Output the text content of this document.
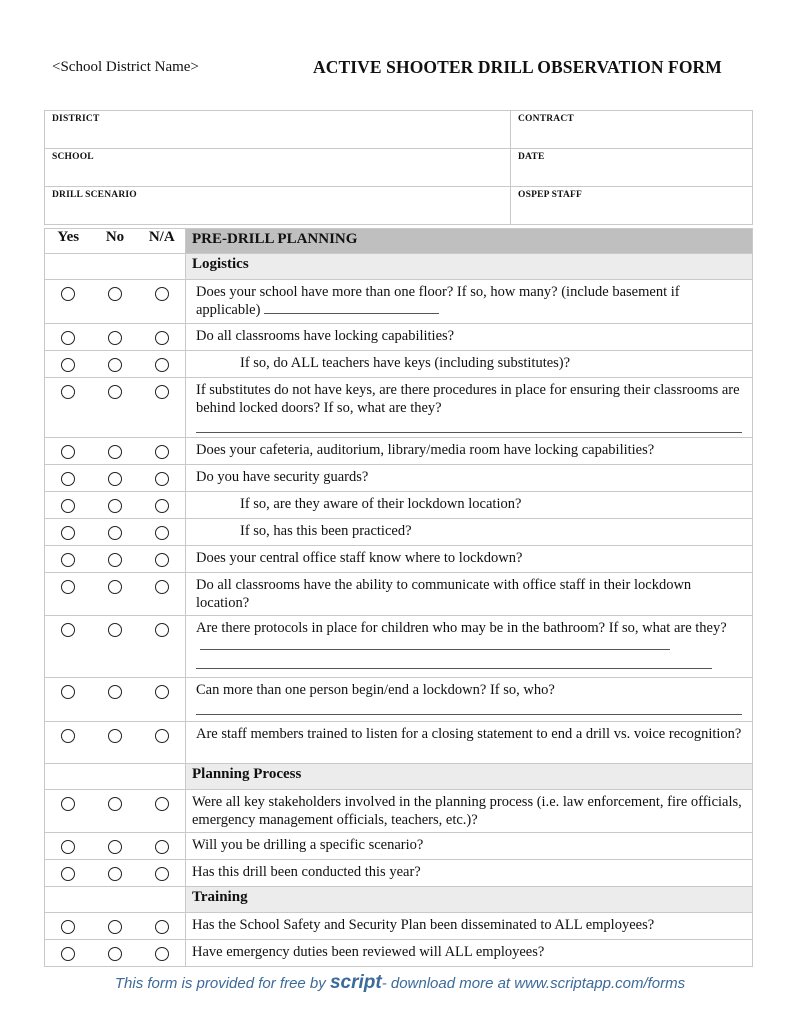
<School District Name>	ACTIVE SHOOTER DRILL OBSERVATION FORM
DISTRICT	CONTRACT
SCHOOL	DATE
DRILL SCENARIO	OSPEP STAFF
Yes	No	N/A	PRE-DRILL PLANNING
			Logistics
			Does your school have more than one floor? If so, how many? (include basement if applicable)
			Do all classrooms have locking capabilities?

			If so, do ALL teachers have keys (including substitutes)?

			If substitutes do not have keys, are there procedures in place for ensuring their classrooms are behind locked doors? If so, what are they?

			Does your cafeteria, auditorium, library/media room have locking capabilities?
			Do you have security guards?

			If so, are they aware of their lockdown location?

			If so, has this been practiced?

			Does your central office staff know where to lockdown?
			Do all classrooms have the ability to communicate with office staff in their lockdown location?
			Are there protocols in place for children who may be in the bathroom? If so, what are they?

			Can more than one person begin/end a lockdown? If so, who?

			Are staff members trained to listen for a closing statement to end a drill vs. voice recognition?
			Planning Process
			Were all key stakeholders involved in the planning process (i.e. law enforcement, fire officials, emergency management officials, teachers, etc.)?
			Will you be drilling a specific scenario?
			Has this drill been conducted this year?
			Training
			Has the School Safety and Security Plan been disseminated to ALL employees?
			Have emergency duties been reviewed will ALL employees?
This form is provided for free by script- download more at www.scriptapp.com/forms
